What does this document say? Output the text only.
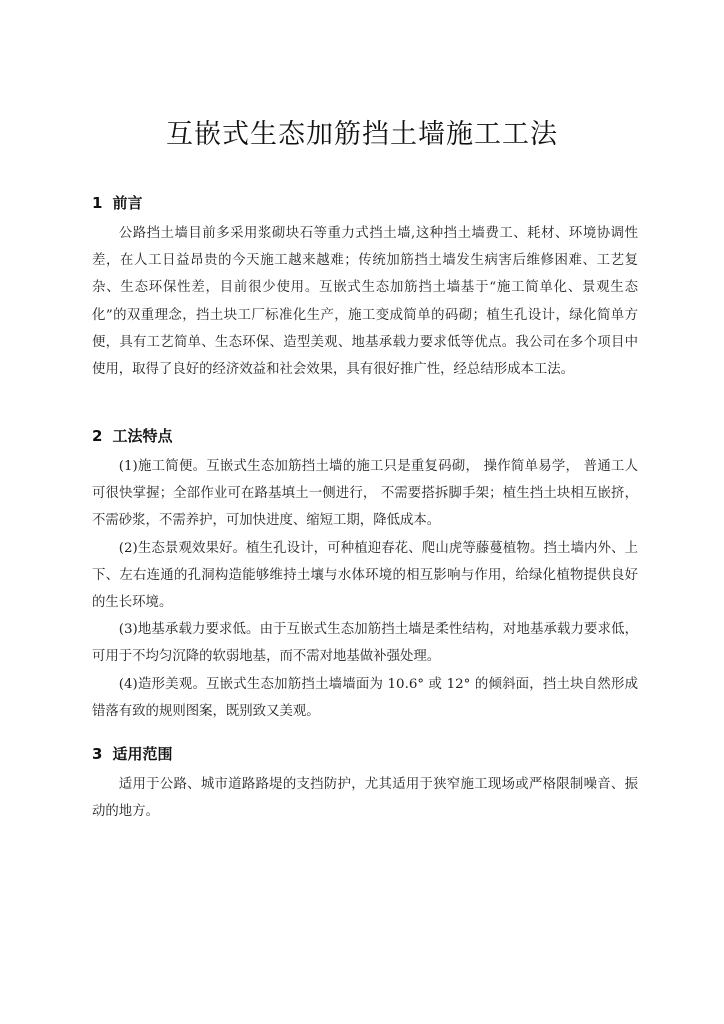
互嵌式生态加筋挡土墙施工工法
1 前言

公路挡土墙目前多采用浆砌块石等重力式挡土墙,这种挡土墙费工、耗材、环境协调性差，在人工日益昂贵的今天施工越来越难；传统加筋挡土墙发生病害后维修困难、工艺复杂、生态环保性差，目前很少使用。互嵌式生态加筋挡土墙基于“施工简单化、景观生态化”的双重理念，挡土块工厂标准化生产，施工变成简单的码砌；植生孔设计，绿化简单方便，具有工艺简单、生态环保、造型美观、地基承载力要求低等优点。我公司在多个项目中使用，取得了良好的经济效益和社会效果，具有很好推广性，经总结形成本工法。

2 工法特点

(1)施工简便。互嵌式生态加筋挡土墙的施工只是重复码砌， 操作简单易学， 普通工人可很快掌握；全部作业可在路基填土一侧进行， 不需要搭拆脚手架；植生挡土块相互嵌挤，不需砂浆，不需养护，可加快进度、缩短工期，降低成本。

(2)生态景观效果好。植生孔设计，可种植迎春花、爬山虎等藤蔓植物。挡土墙内外、上下、左右连通的孔洞构造能够维持土壤与水体环境的相互影响与作用，给绿化植物提供良好的生长环境。

(3)地基承载力要求低。由于互嵌式生态加筋挡土墙是柔性结构，对地基承载力要求低， 可用于不均匀沉降的软弱地基，而不需对地基做补强处理。

(4)造形美观。互嵌式生态加筋挡土墙墙面为 10.6° 或 12° 的倾斜面，挡土块自然形成错落有致的规则图案，既别致又美观。

3 适用范围

适用于公路、城市道路路堤的支挡防护，尤其适用于狭窄施工现场或严格限制噪音、振动的地方。
